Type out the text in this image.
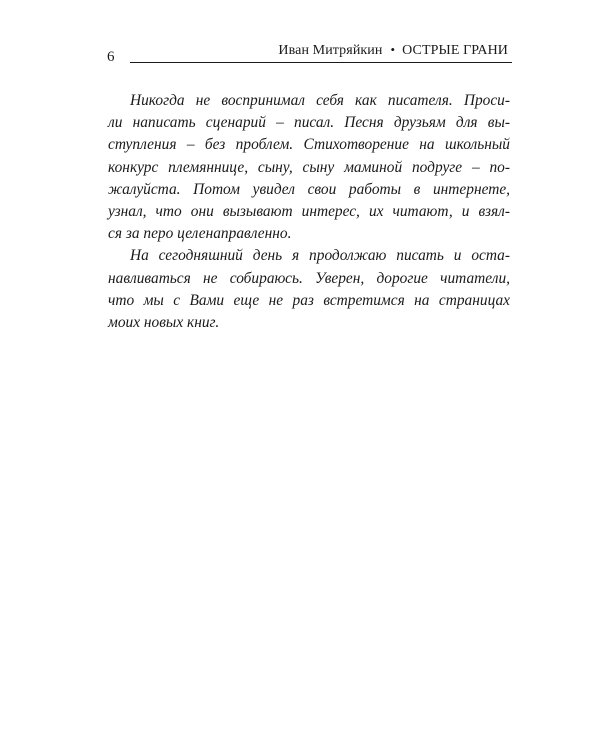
6	Иван Митряйкин • ОСТРЫЕ ГРАНИ
Никогда не воспринимал себя как писателя. Проси-
ли написать сценарий – писал. Песня друзьям для вы-
ступления – без проблем. Стихотворение на школьный
конкурс племяннице, сыну, сыну маминой подруге – по-
жалуйста. Потом увидел свои работы в интернете,
узнал, что они вызывают интерес, их читают, и взял-
ся за перо целенаправленно.
На сегодняшний день я продолжаю писать и оста-
навливаться не собираюсь. Уверен, дорогие читатели,
что мы с Вами еще не раз встретимся на страницах
моих новых книг.
